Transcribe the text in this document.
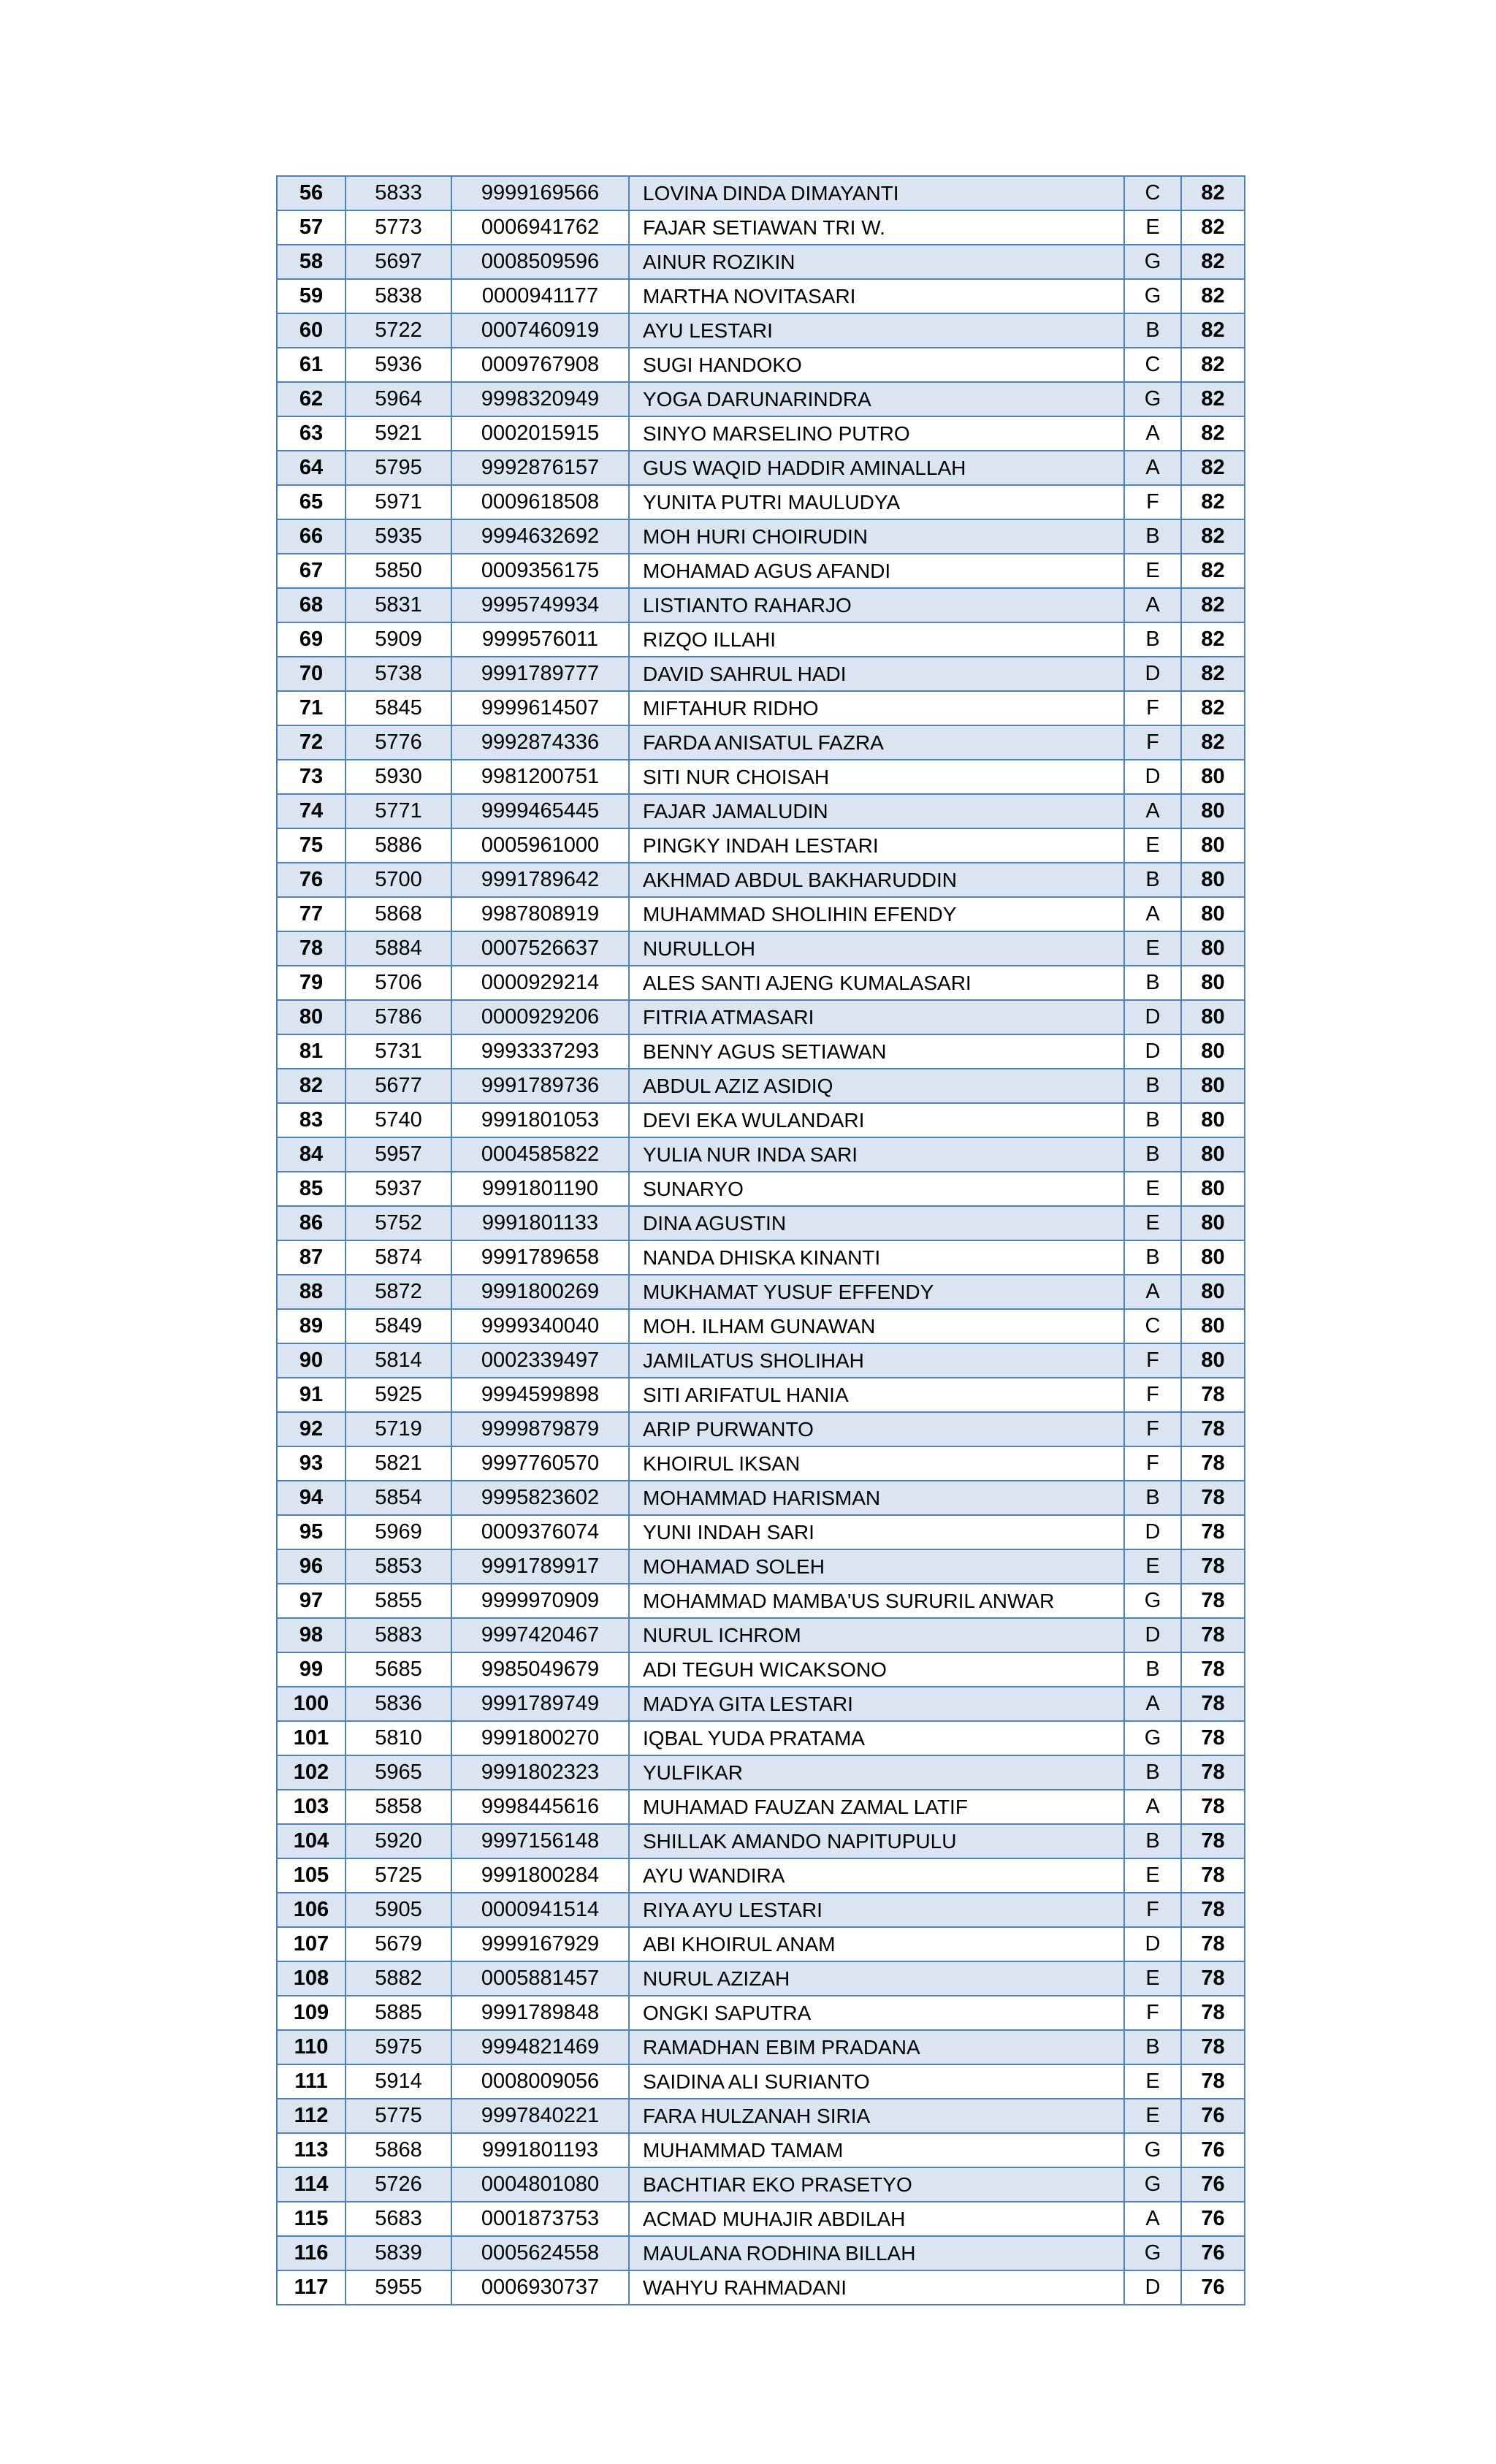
56	5833	9999169566	LOVINA DINDA DIMAYANTI	C	82
57	5773	0006941762	FAJAR SETIAWAN TRI W.	E	82
58	5697	0008509596	AINUR ROZIKIN	G	82
59	5838	0000941177	MARTHA NOVITASARI	G	82
60	5722	0007460919	AYU LESTARI	B	82
61	5936	0009767908	SUGI HANDOKO	C	82
62	5964	9998320949	YOGA DARUNARINDRA	G	82
63	5921	0002015915	SINYO MARSELINO PUTRO	A	82
64	5795	9992876157	GUS WAQID HADDIR AMINALLAH	A	82
65	5971	0009618508	YUNITA PUTRI MAULUDYA	F	82
66	5935	9994632692	MOH HURI CHOIRUDIN	B	82
67	5850	0009356175	MOHAMAD AGUS AFANDI	E	82
68	5831	9995749934	LISTIANTO RAHARJO	A	82
69	5909	9999576011	RIZQO ILLAHI	B	82
70	5738	9991789777	DAVID SAHRUL HADI	D	82
71	5845	9999614507	MIFTAHUR RIDHO	F	82
72	5776	9992874336	FARDA ANISATUL FAZRA	F	82
73	5930	9981200751	SITI NUR CHOISAH	D	80
74	5771	9999465445	FAJAR JAMALUDIN	A	80
75	5886	0005961000	PINGKY INDAH LESTARI	E	80
76	5700	9991789642	AKHMAD ABDUL BAKHARUDDIN	B	80
77	5868	9987808919	MUHAMMAD SHOLIHIN EFENDY	A	80
78	5884	0007526637	NURULLOH	E	80
79	5706	0000929214	ALES SANTI AJENG KUMALASARI	B	80
80	5786	0000929206	FITRIA ATMASARI	D	80
81	5731	9993337293	BENNY AGUS SETIAWAN	D	80
82	5677	9991789736	ABDUL AZIZ ASIDIQ	B	80
83	5740	9991801053	DEVI EKA WULANDARI	B	80
84	5957	0004585822	YULIA NUR INDA SARI	B	80
85	5937	9991801190	SUNARYO	E	80
86	5752	9991801133	DINA AGUSTIN	E	80
87	5874	9991789658	NANDA DHISKA KINANTI	B	80
88	5872	9991800269	MUKHAMAT YUSUF EFFENDY	A	80
89	5849	9999340040	MOH. ILHAM GUNAWAN	C	80
90	5814	0002339497	JAMILATUS SHOLIHAH	F	80
91	5925	9994599898	SITI ARIFATUL HANIA	F	78
92	5719	9999879879	ARIP PURWANTO	F	78
93	5821	9997760570	KHOIRUL IKSAN	F	78
94	5854	9995823602	MOHAMMAD HARISMAN	B	78
95	5969	0009376074	YUNI INDAH SARI	D	78
96	5853	9991789917	MOHAMAD SOLEH	E	78
97	5855	9999970909	MOHAMMAD MAMBA'US SURURIL ANWAR	G	78
98	5883	9997420467	NURUL ICHROM	D	78
99	5685	9985049679	ADI TEGUH WICAKSONO	B	78
100	5836	9991789749	MADYA GITA LESTARI	A	78
101	5810	9991800270	IQBAL YUDA PRATAMA	G	78
102	5965	9991802323	YULFIKAR	B	78
103	5858	9998445616	MUHAMAD FAUZAN ZAMAL LATIF	A	78
104	5920	9997156148	SHILLAK AMANDO NAPITUPULU	B	78
105	5725	9991800284	AYU WANDIRA	E	78
106	5905	0000941514	RIYA AYU LESTARI	F	78
107	5679	9999167929	ABI KHOIRUL ANAM	D	78
108	5882	0005881457	NURUL AZIZAH	E	78
109	5885	9991789848	ONGKI SAPUTRA	F	78
110	5975	9994821469	RAMADHAN EBIM PRADANA	B	78
111	5914	0008009056	SAIDINA ALI SURIANTO	E	78
112	5775	9997840221	FARA HULZANAH SIRIA	E	76
113	5868	9991801193	MUHAMMAD TAMAM	G	76
114	5726	0004801080	BACHTIAR EKO PRASETYO	G	76
115	5683	0001873753	ACMAD MUHAJIR ABDILAH	A	76
116	5839	0005624558	MAULANA RODHINA BILLAH	G	76
117	5955	0006930737	WAHYU RAHMADANI	D	76
